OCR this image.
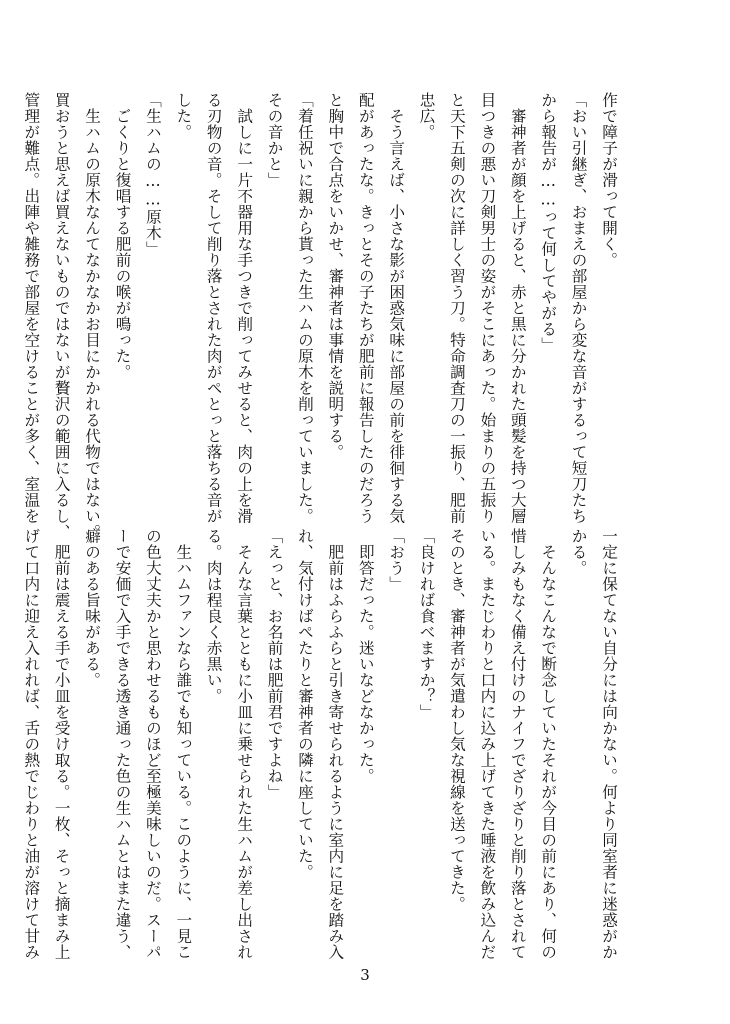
作で障子が滑って開く。
「おい引継ぎ、おまえの部屋から変な音がするって短刀たち
から報告が……って何してやがる」
　審神者が顔を上げると、赤と黒に分かれた頭髪を持つ大層
目つきの悪い刀剣男士の姿がそこにあった。始まりの五振り
と天下五剣の次に詳しく習う刀。特命調査刀の一振り、肥前
忠広。
　そう言えば、小さな影が困惑気味に部屋の前を徘徊する気
配があったな。きっとその子たちが肥前に報告したのだろう
と胸中で合点をいかせ、審神者は事情を説明する。
「着任祝いに親から貰った生ハムの原木を削っていました。
その音かと」
　試しに一片不器用な手つきで削ってみせると、肉の上を滑
る刃物の音。そして削り落とされた肉がぺとっと落ちる音が
した。
「生ハムの……原木」
　ごくりと復唱する肥前の喉が鳴った。
　生ハムの原木なんてなかなかお目にかかれる代物ではない。
買おうと思えば買えないものではないが贅沢の範囲に入るし、
管理が難点。出陣や雑務で部屋を空けることが多く、室温を
一定に保てない自分には向かない。何より同室者に迷惑がか
かる。
　そんなこんなで断念していたそれが今目の前にあり、何の
惜しみもなく備え付けのナイフでざりざりと削り落とされて
いる。またじわりと口内に込み上げてきた唾液を飲み込んだ
そのとき、審神者が気遣わし気な視線を送ってきた。
「良ければ食べますか？」
「おう」
　即答だった。迷いなどなかった。
　肥前はふらふらと引き寄せられるように室内に足を踏み入
れ、気付けばぺたりと審神者の隣に座していた。
「えっと、お名前は肥前君ですよね」
　そんな言葉とともに小皿に乗せられた生ハムが差し出され
る。肉は程良く赤黒い。
　生ハムファンなら誰でも知っている。このように、一見こ
の色大丈夫かと思わせるものほど至極美味しいのだ。スーパ
ーで安価で入手できる透き通った色の生ハムとはまた違う、
癖のある旨味がある。
　肥前は震える手で小皿を受け取る。一枚、そっと摘まみ上
げて口内に迎え入れれば、舌の熱でじわりと油が溶けて甘み
3
